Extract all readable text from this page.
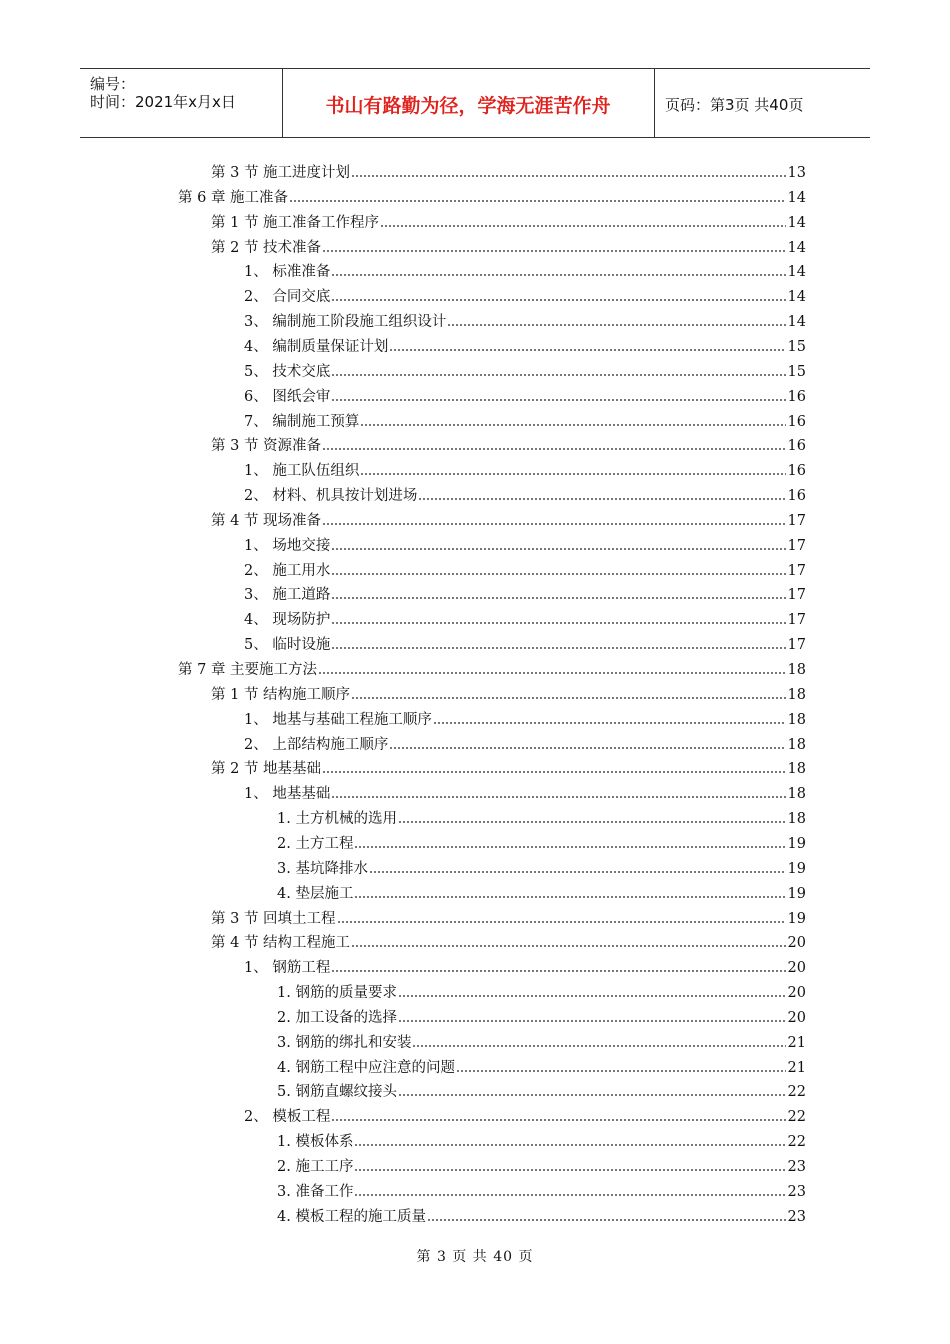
编号：
时间：2021年x月x日	书山有路勤为径，学海无涯苦作舟	页码：第3页 共40页
第 3 节 施工进度计划	13
第 6 章 施工准备	14
第 1 节 施工准备工作程序	14
第 2 节 技术准备	14
1、 标准准备	14
2、 合同交底	14
3、 编制施工阶段施工组织设计	14
4、 编制质量保证计划	15
5、 技术交底	15
6、 图纸会审	16
7、 编制施工预算	16
第 3 节 资源准备	16
1、 施工队伍组织	16
2、 材料、机具按计划进场	16
第 4 节 现场准备	17
1、 场地交接	17
2、 施工用水	17
3、 施工道路	17
4、 现场防护	17
5、 临时设施	17
第 7 章 主要施工方法	18
第 1 节 结构施工顺序	18
1、 地基与基础工程施工顺序	18
2、 上部结构施工顺序	18
第 2 节 地基基础	18
1、 地基基础	18
1. 土方机械的选用	18
2. 土方工程	19
3. 基坑降排水	19
4. 垫层施工	19
第 3 节 回填土工程	19
第 4 节 结构工程施工	20
1、 钢筋工程	20
1. 钢筋的质量要求	20
2. 加工设备的选择	20
3. 钢筋的绑扎和安装	21
4. 钢筋工程中应注意的问题	21
5. 钢筋直螺纹接头	22
2、 模板工程	22
1. 模板体系	22
2. 施工工序	23
3. 准备工作	23
4. 模板工程的施工质量	23
第 3 页 共 40 页
